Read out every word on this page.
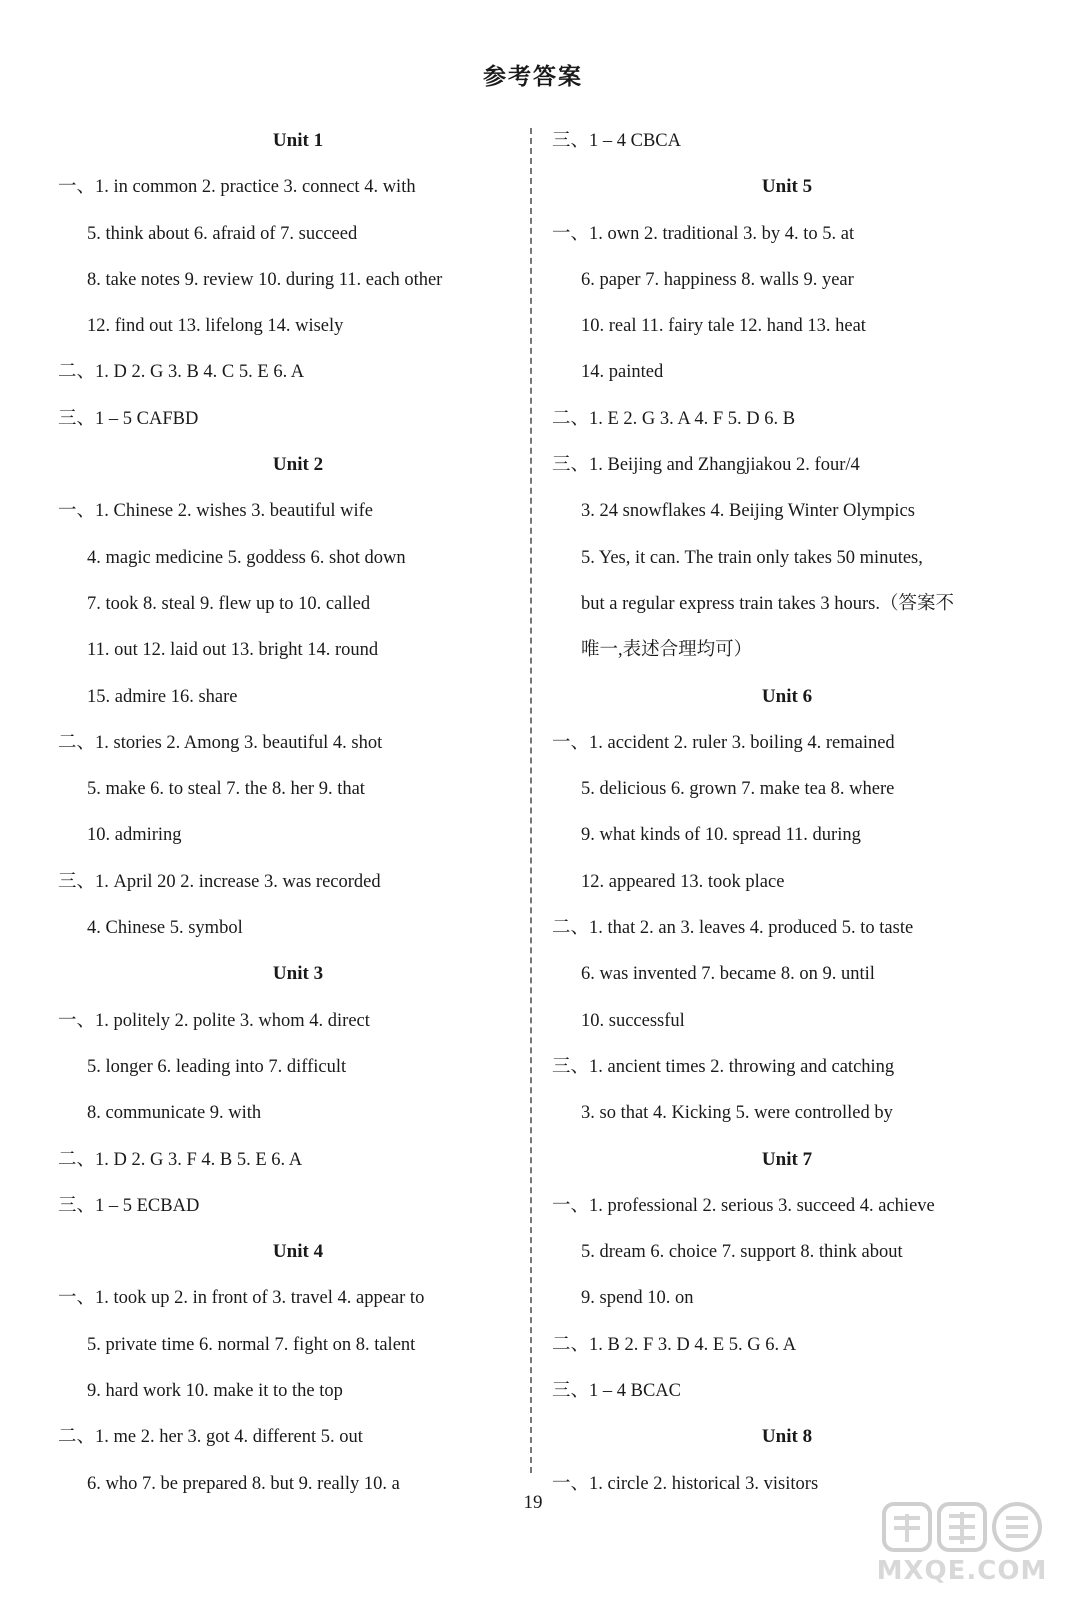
参考答案
Unit 1
一、1. in common 2. practice 3. connect 4. with
5. think about 6. afraid of 7. succeed
8. take notes 9. review 10. during 11. each other
12. find out 13. lifelong 14. wisely
二、1. D 2. G 3. B 4. C 5. E 6. A
三、1 – 5 CAFBD
Unit 2
一、1. Chinese 2. wishes 3. beautiful wife
4. magic medicine 5. goddess 6. shot down
7. took 8. steal 9. flew up to 10. called
11. out 12. laid out 13. bright 14. round
15. admire 16. share
二、1. stories 2. Among 3. beautiful 4. shot
5. make 6. to steal 7. the 8. her 9. that
10. admiring
三、1. April 20 2. increase 3. was recorded
4. Chinese 5. symbol
Unit 3
一、1. politely 2. polite 3. whom 4. direct
5. longer 6. leading into 7. difficult
8. communicate 9. with
二、1. D 2. G 3. F 4. B 5. E 6. A
三、1 – 5 ECBAD
Unit 4
一、1. took up 2. in front of 3. travel 4. appear to
5. private time 6. normal 7. fight on 8. talent
9. hard work 10. make it to the top
二、1. me 2. her 3. got 4. different 5. out
6. who 7. be prepared 8. but 9. really 10. a
三、1 – 4 CBCA
Unit 5
一、1. own 2. traditional 3. by 4. to 5. at
6. paper 7. happiness 8. walls 9. year
10. real 11. fairy tale 12. hand 13. heat
14. painted
二、1. E 2. G 3. A 4. F 5. D 6. B
三、1. Beijing and Zhangjiakou 2. four/4
3. 24 snowflakes 4. Beijing Winter Olympics
5. Yes, it can. The train only takes 50 minutes,
but a regular express train takes 3 hours.（答案不
唯一,表述合理均可）
Unit 6
一、1. accident 2. ruler 3. boiling 4. remained
5. delicious 6. grown 7. make tea 8. where
9. what kinds of 10. spread 11. during
12. appeared 13. took place
二、1. that 2. an 3. leaves 4. produced 5. to taste
6. was invented 7. became 8. on 9. until
10. successful
三、1. ancient times 2. throwing and catching
3. so that 4. Kicking 5. were controlled by
Unit 7
一、1. professional 2. serious 3. succeed 4. achieve
5. dream 6. choice 7. support 8. think about
9. spend 10. on
二、1. B 2. F 3. D 4. E 5. G 6. A
三、1 – 4 BCAC
Unit 8
一、1. circle 2. historical 3. visitors
19
MXQE.COM
